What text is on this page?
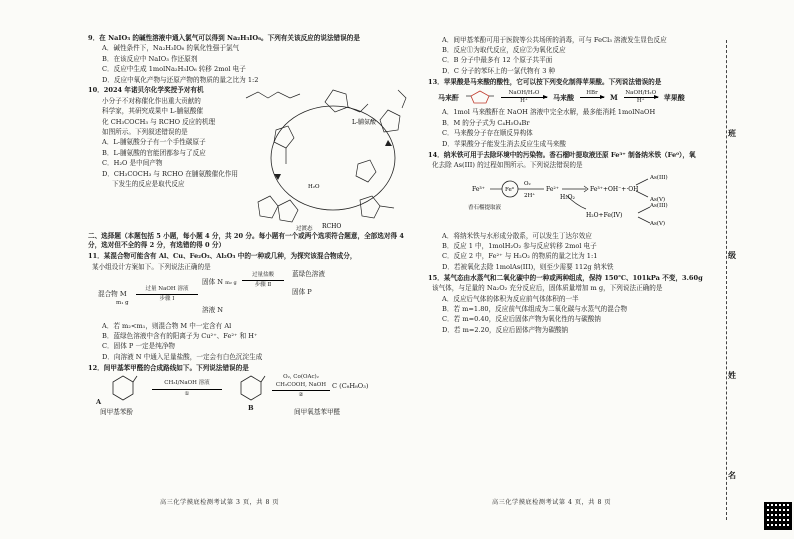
9．在 NaIO₃ 的碱性溶液中通入氯气可以得到 Na₂H₃IO₆。下列有关该反应的说法错误的是
A．碱性条件下，Na₂H₃IO₆ 的氧化性强于氯气
B．在该反应中 NaIO₃ 作还原剂
C．反应中生成 1molNa₂H₃IO₆ 转移 2mol 电子
D．反应中氧化产物与还原产物的物质的量之比为 1:2
10．2024 年诺贝尔化学奖授予对有机
小分子不对称催化作出重大贡献的
科学家，其研究成果中 L-脯氨酸催
化 CH₃COCH₃ 与 RCHO 反应的机理
如图所示。下列叙述错误的是
A．L-脯氨酸分子有一个手性碳原子
B．L-脯氨酸的官能团都参与了反应
C．H₂O 是中间产物
D．CH₃COCH₃ 与 RCHO 在脯氨酸催化作用
下发生的反应是取代反应
L-脯氨酸
RCHO
过渡态
H₂O
二、选择题（本题包括 5 小题，每小题 4 分，共 20 分。每小题有一个或两个选项符合题意，全部选对得 4 分，选对但不全的得 2 分，有选错的得 0 分）
11．某混合物可能含有 Al、Cu、Fe₂O₃、Al₂O₃ 中的一种或几种，为探究该混合物成分，
某小组设计方案如下。下列说法正确的是
混合物 M
m₁ g
过量 NaOH 溶液
步骤 Ⅰ
固体 N m₂ g
溶液 N
过量盐酸
步骤 Ⅱ
蓝绿色溶液
固体 P
A．若 m₂<m₁，则混合物 M 中一定含有 Al
B．蓝绿色溶液中含有的阳离子为 Cu²⁺、Fe²⁺ 和 H⁺
C．固体 P 一定是纯净物
D．向溶液 N 中通入足量盐酸，一定会有白色沉淀生成
12．间甲基苯甲醛的合成路线如下。下列说法错误的是
A
间甲基苯酚
CH₃I/NaOH 溶液
①
B
O₂, Co(OAc)₂
CH₃COOH, NaOH
②
C (C₈H₈O₃)
间甲氧基苯甲醛
高三化学摸底检测考试第 3 页，共 8 页
A．间甲基苯酚可用于医院等公共场所的消毒，可与 FeCl₃ 溶液发生显色反应
B．反应①为取代反应，反应②为氧化反应
C．B 分子中最多有 12 个原子共平面
D．C 分子的苯环上的一氯代物有 3 种
13．苹果酸是马来酸的酸性，它可以按下列变化制得苹果酸。下列说法错误的是
马来酐
NaOH/H₂O
H⁺	马来酸
HBr

M
NaOH/H₂O
H⁺	苹果酸
A．1mol 马来酸酐在 NaOH 溶液中完全水解，最多能消耗 1molNaOH
B．M 的分子式为 C₄H₅O₄Br
C．马来酸分子存在顺反异构体
D．苹果酸分子能发生消去反应生成马来酸
14．纳米铁可用于去除环境中的污染物。香石榴叶提取液还原 Fe³⁺ 制备纳米铁（Fe⁰），氧
化去除 As(III) 的过程如图所示。下列说法错误的是
Fe³⁺	Fe⁰
O₂
2H⁺
Fe²⁺
H₂O₂
Fe³⁺+OH⁻+·OH
As(III)
As(V)
As(III)
As(V)
H₂O+Fe(IV)
香石榴提取液
A．将纳米铁与水形成分散系，可以发生丁达尔效应
B．反应 1 中，1molH₂O₂ 参与反应转移 2mol 电子
C．反应 2 中，Fe²⁺ 与 H₂O₂ 的物质的量之比为 1:1
D．若被氧化去除 1molAs(III)，则至少需要 112g 纳米铁
15．某气态由水蒸气和二氧化碳中的一种或两种组成，保持 150℃、101kPa 不变，3.60g
该气体，与足量的 Na₂O₂ 充分反应后，固体质量增加 m g，下列说法正确的是
A．反应后气体的体积为反应前气体体积的一半
B．若 m=1.80，反应前气体组成为二氧化碳与水蒸气的混合物
C．若 m=0.40，反应后固体产物为氧化性的与碳酸钠
D．若 m=2.20，反应后固体产物为碳酸钠
高三化学摸底检测考试第 4 页，共 8 页
班
级
姓
名
